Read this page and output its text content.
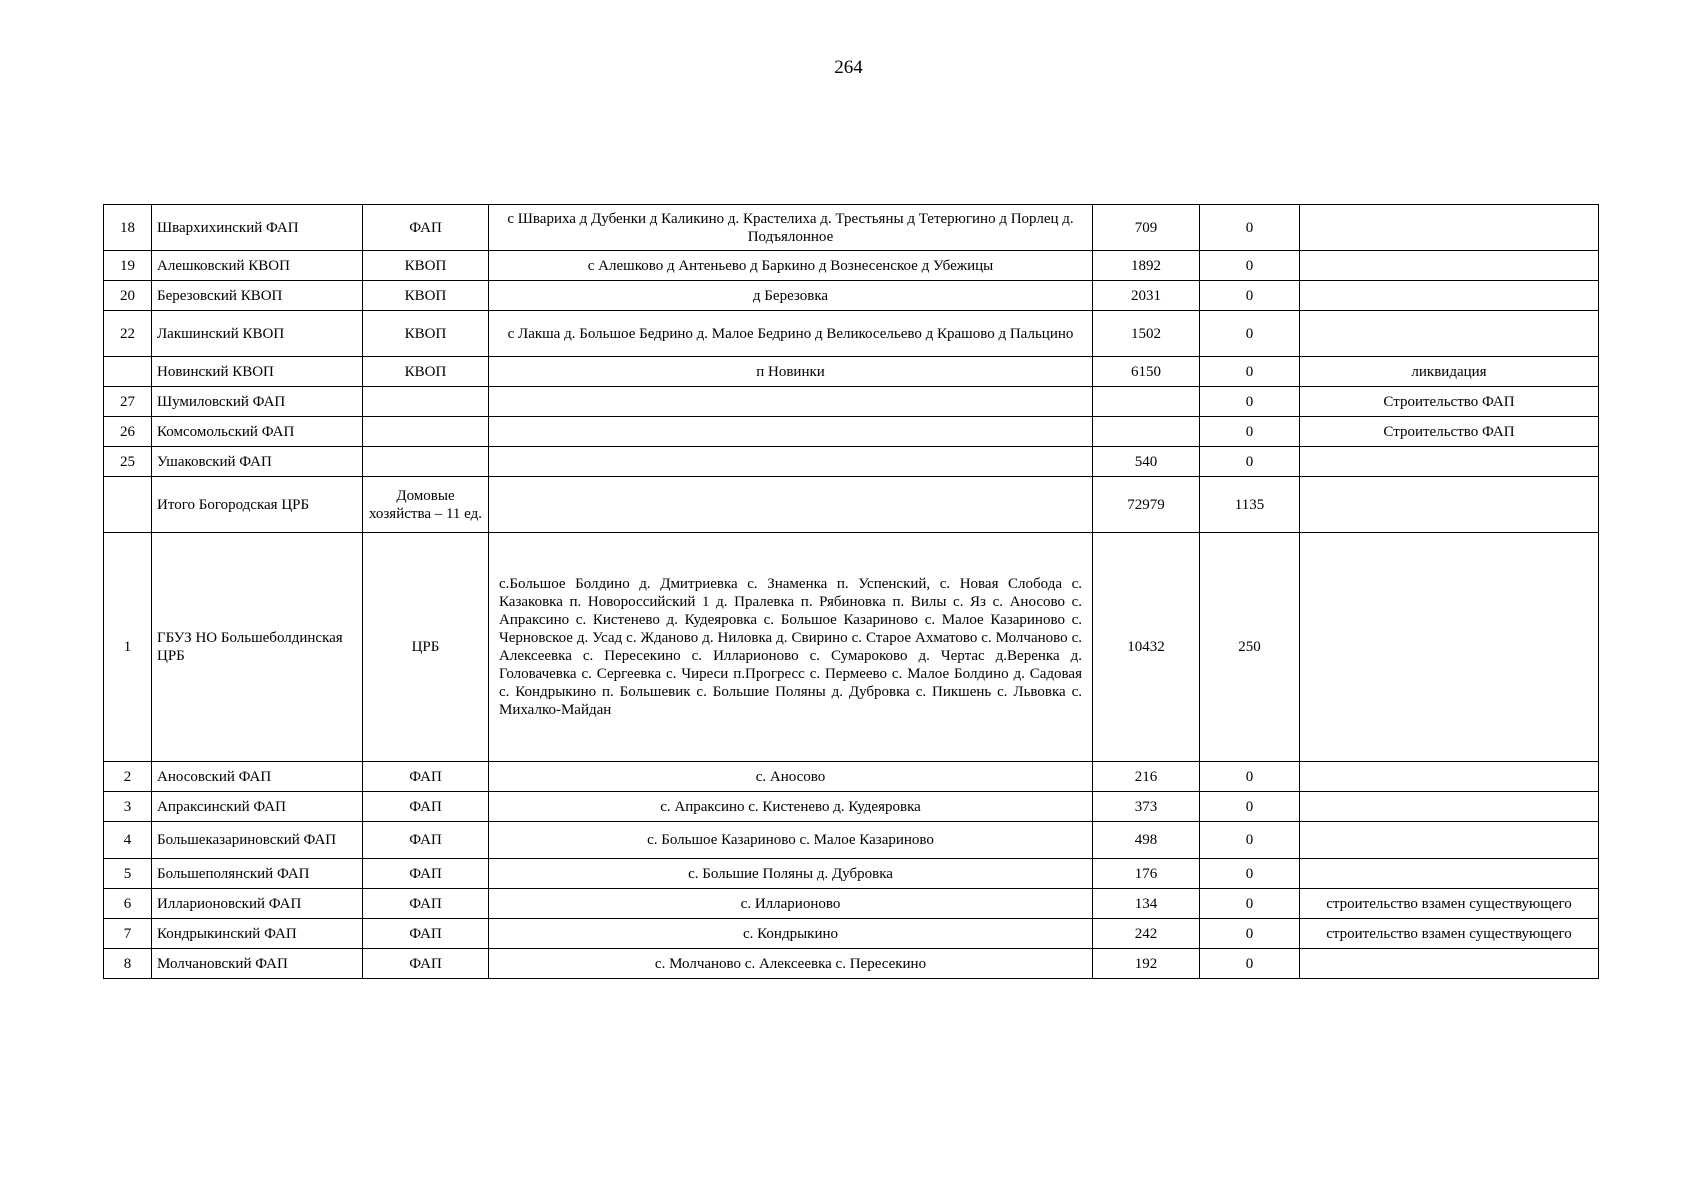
264
18	Швархихинский ФАП	ФАП	с Швариха д Дубенки д Каликино д. Крастелиха д. Трестьяны д Тетерюгино д Порлец д. Подъялонное	709	0	
19	Алешковский КВОП	КВОП	с Алешково д Антеньево д Баркино д Вознесенское д Убежицы	1892	0	
20	Березовский КВОП	КВОП	д Березовка	2031	0	
22	Лакшинский КВОП	КВОП	с Лакша д. Большое Бедрино д. Малое Бедрино д Великосельево д Крашово д Пальцино	1502	0	
	Новинский КВОП	КВОП	п Новинки	6150	0	ликвидация
27	Шумиловский ФАП				0	Строительство ФАП
26	Комсомольский ФАП				0	Строительство ФАП
25	Ушаковский ФАП			540	0	
	Итого Богородская ЦРБ	Домовые хозяйства – 11 ед.		72979	1135	
1	ГБУЗ НО Большеболдинская ЦРБ	ЦРБ	с.Большое Болдино д. Дмитриевка с. Знаменка п. Успенский, с. Новая Слобода с. Казаковка п. Новороссийский 1 д. Пралевка п. Рябиновка п. Вилы с. Яз с. Аносово с. Апраксино с. Кистенево д. Кудеяровка с. Большое Казариново с. Малое Казариново с. Черновское д. Усад с. Жданово д. Ниловка д. Свирино с. Старое Ахматово с. Молчаново с. Алексеевка с. Пересекино с. Илларионово с. Сумароково д. Чертас д.Веренка д. Головачевка с. Сергеевка с. Чиреси п.Прогресс с. Пермеево с. Малое Болдино д. Садовая с. Кондрыкино п. Большевик с. Большие Поляны д. Дубровка с. Пикшень с. Львовка с. Михалко-Майдан	10432	250	
2	Аносовский ФАП	ФАП	с. Аносово	216	0	
3	Апраксинский ФАП	ФАП	с. Апраксино с. Кистенево д. Кудеяровка	373	0	
4	Большеказариновский ФАП	ФАП	с. Большое Казариново с. Малое Казариново	498	0	
5	Большеполянский ФАП	ФАП	с. Большие Поляны д. Дубровка	176	0	
6	Илларионовский ФАП	ФАП	с. Илларионово	134	0	строительство взамен существующего
7	Кондрыкинский ФАП	ФАП	с. Кондрыкино	242	0	строительство взамен существующего
8	Молчановский ФАП	ФАП	с. Молчаново с. Алексеевка с. Пересекино	192	0	
